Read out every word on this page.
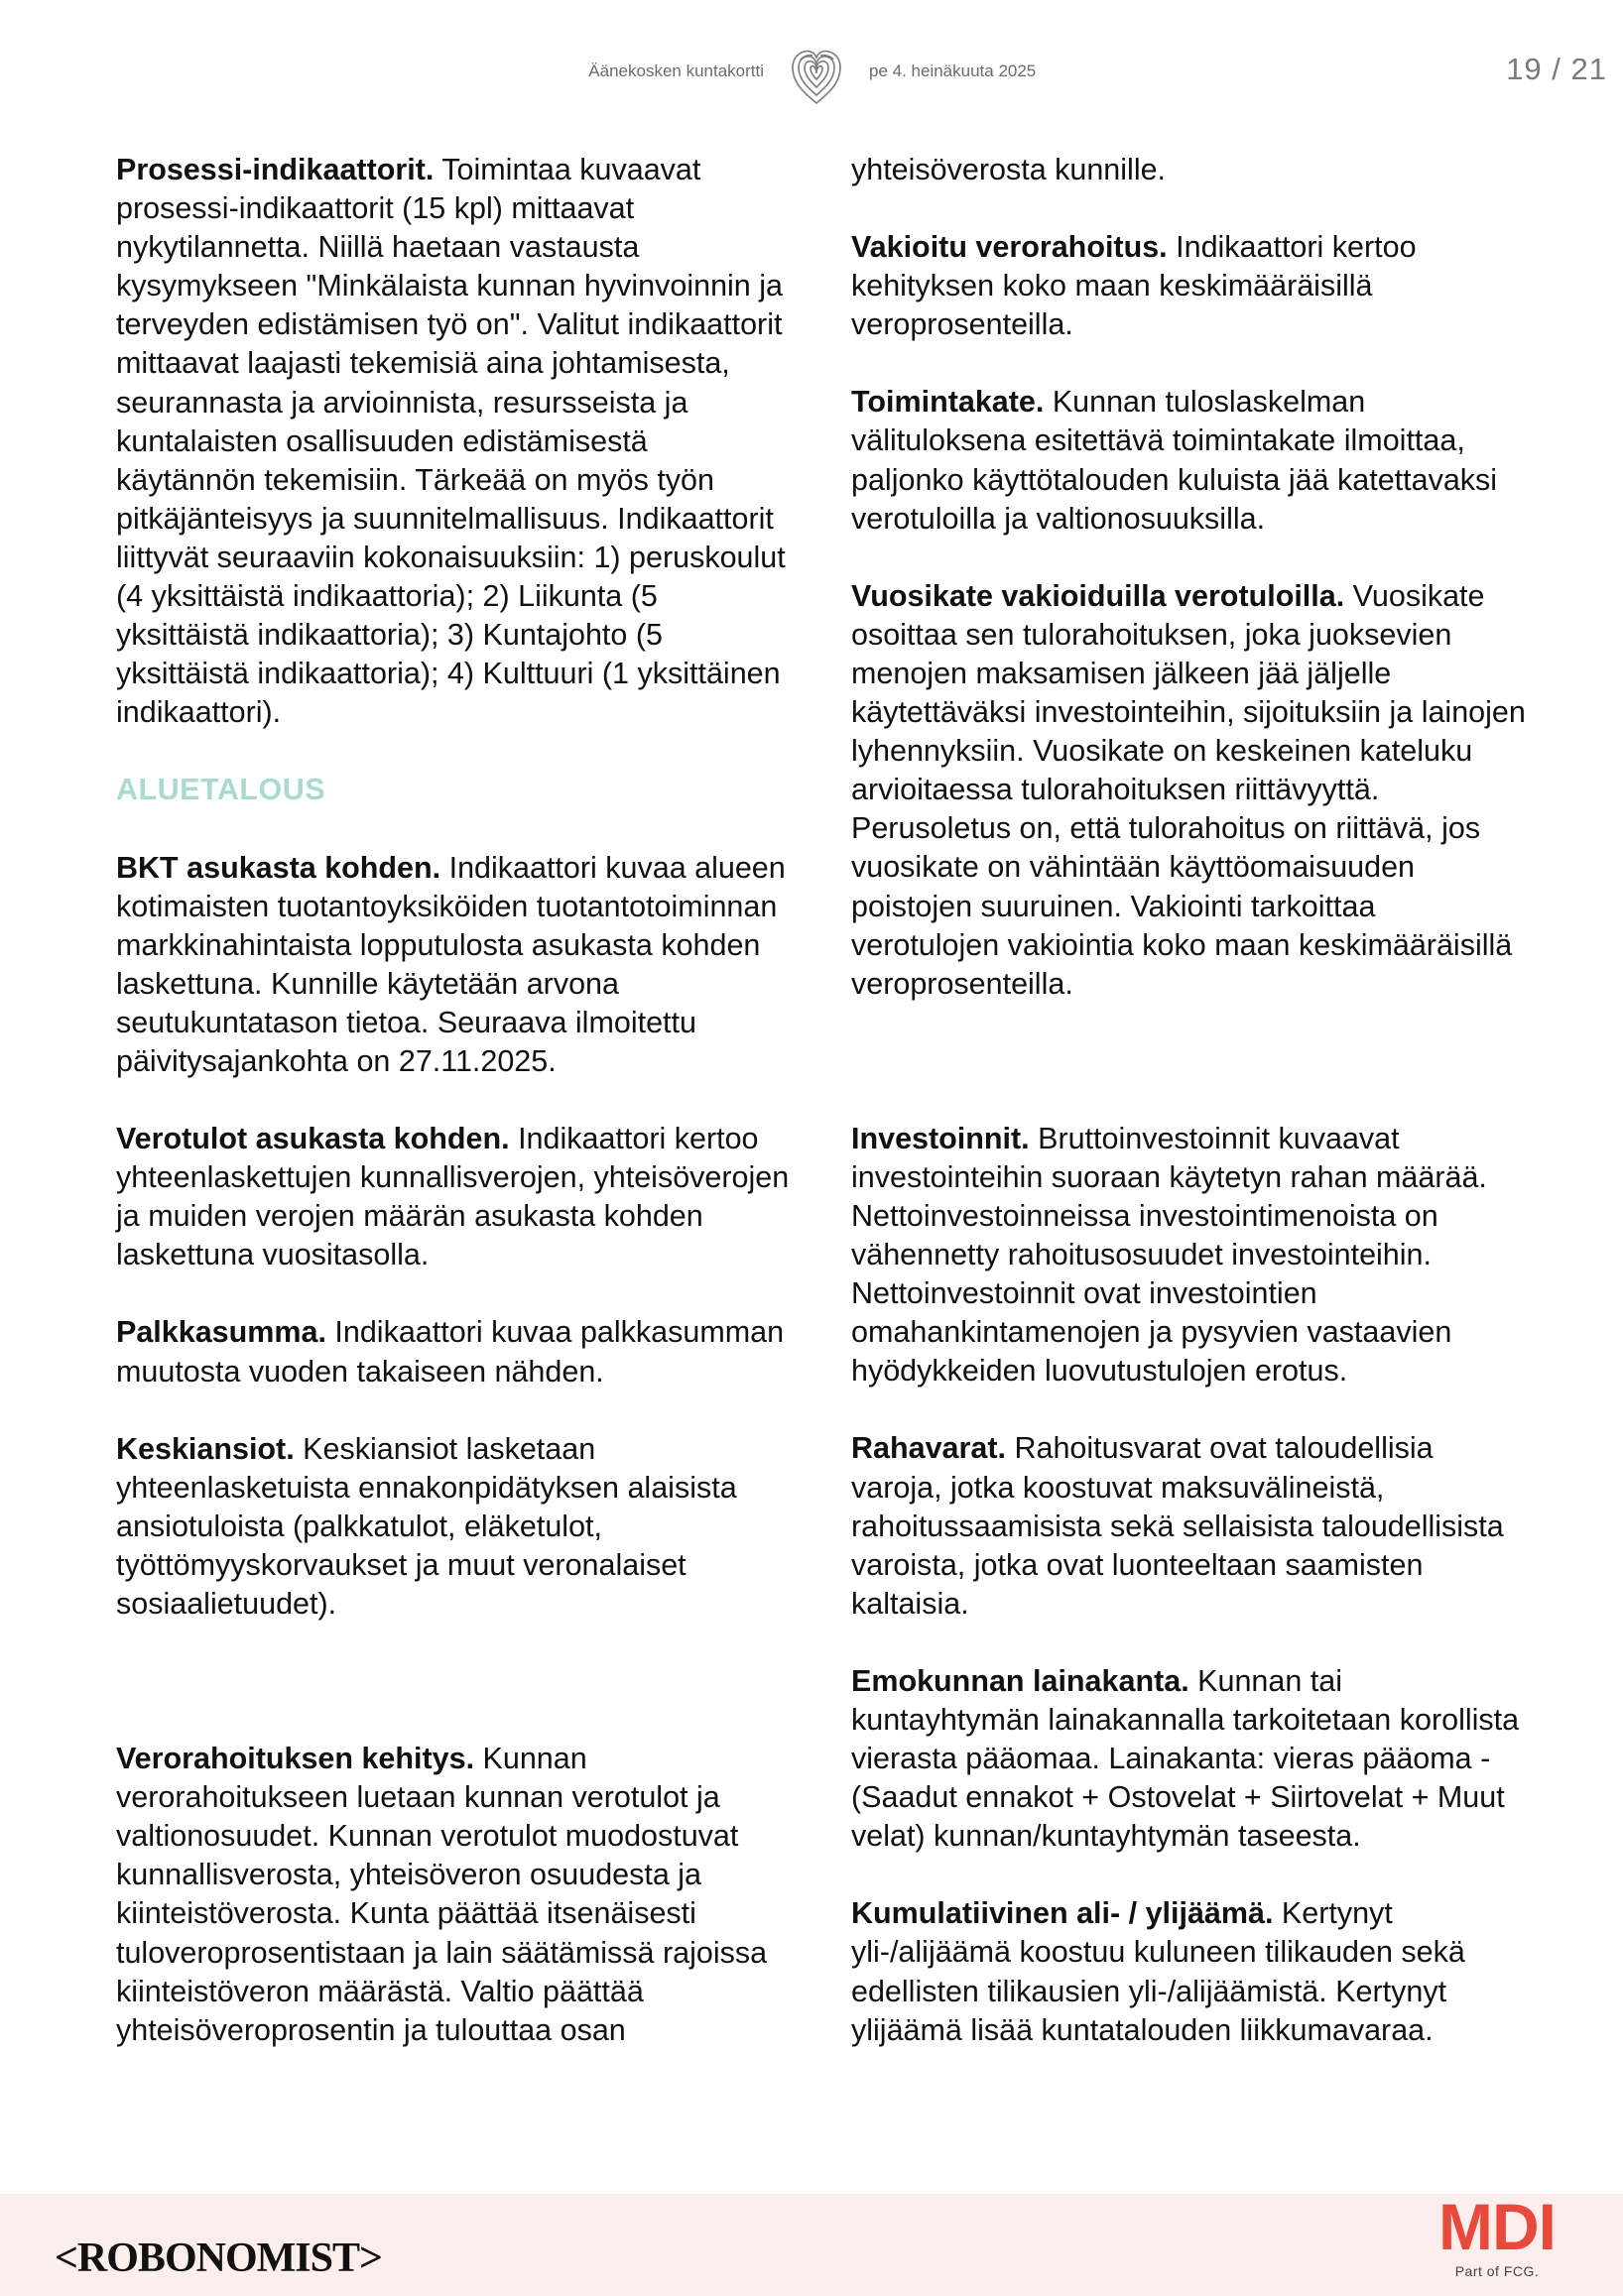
Äänekosken kuntakortti	pe 4. heinäkuuta 2025	19 / 21

Prosessi-indikaattorit. Toimintaa kuvaavat prosessi-indikaattorit (15 kpl) mittaavat nykytilannetta. Niillä haetaan vastausta kysymykseen "Minkälaista kunnan hyvinvoinnin ja terveyden edistämisen työ on". Valitut indikaattorit mittaavat laajasti tekemisiä aina johtamisesta, seurannasta ja arvioinnista, resursseista ja kuntalaisten osallisuuden edistämisestä käytännön tekemisiin. Tärkeää on myös työn pitkäjänteisyys ja suunnitelmallisuus. Indikaattorit liittyvät seuraaviin kokonaisuuksiin: 1) peruskoulut (4 yksittäistä indikaattoria); 2) Liikunta (5 yksittäistä indikaattoria); 3) Kuntajohto (5 yksittäistä indikaattoria); 4) Kulttuuri (1 yksittäinen indikaattori).

ALUETALOUS

BKT asukasta kohden. Indikaattori kuvaa alueen kotimaisten tuotantoyksiköiden tuotantotoiminnan markkinahintaista lopputulosta asukasta kohden laskettuna. Kunnille käytetään arvona seutukuntatason tietoa. Seuraava ilmoitettu päivitysajankohta on 27.11.2025.

Verotulot asukasta kohden. Indikaattori kertoo yhteenlaskettujen kunnallisverojen, yhteisöverojen ja muiden verojen määrän asukasta kohden laskettuna vuositasolla.

Palkkasumma. Indikaattori kuvaa palkkasumman muutosta vuoden takaiseen nähden.

Keskiansiot. Keskiansiot lasketaan yhteenlasketuista ennakonpidätyksen alaisista ansiotuloista (palkkatulot, eläketulot, työttömyyskorvaukset ja muut veronalaiset sosiaalietuudet).

Verorahoituksen kehitys. Kunnan verorahoitukseen luetaan kunnan verotulot ja valtionosuudet. Kunnan verotulot muodostuvat kunnallisverosta, yhteisöveron osuudesta ja kiinteistöverosta. Kunta päättää itsenäisesti tuloveroprosentistaan ja lain säätämissä rajoissa kiinteistöveron määrästä. Valtio päättää yhteisöveroprosentin ja tulouttaa osan

yhteisöverosta kunnille.

Vakioitu verorahoitus. Indikaattori kertoo kehityksen koko maan keskimääräisillä veroprosenteilla.

Toimintakate. Kunnan tuloslaskelman välituloksena esitettävä toimintakate ilmoittaa, paljonko käyttötalouden kuluista jää katettavaksi verotuloilla ja valtionosuuksilla.

Vuosikate vakioiduilla verotuloilla. Vuosikate osoittaa sen tulorahoituksen, joka juoksevien menojen maksamisen jälkeen jää jäljelle käytettäväksi investointeihin, sijoituksiin ja lainojen lyhennyksiin. Vuosikate on keskeinen kateluku arvioitaessa tulorahoituksen riittävyyttä. Perusoletus on, että tulorahoitus on riittävä, jos vuosikate on vähintään käyttöomaisuuden poistojen suuruinen. Vakiointi tarkoittaa verotulojen vakiointia koko maan keskimääräisillä veroprosenteilla.

Investoinnit. Bruttoinvestoinnit kuvaavat investointeihin suoraan käytetyn rahan määrää. Nettoinvestoinneissa investointimenoista on vähennetty rahoitusosuudet investointeihin. Nettoinvestoinnit ovat investointien omahankintamenojen ja pysyvien vastaavien hyödykkeiden luovutustulojen erotus.

Rahavarat. Rahoitusvarat ovat taloudellisia varoja, jotka koostuvat maksuvälineistä, rahoitussaamisista sekä sellaisista taloudellisista varoista, jotka ovat luonteeltaan saamisten kaltaisia.

Emokunnan lainakanta. Kunnan tai kuntayhtymän lainakannalla tarkoitetaan korollista vierasta pääomaa. Lainakanta: vieras pääoma - (Saadut ennakot + Ostovelat + Siirtovelat + Muut velat) kunnan/kuntayhtymän taseesta.

Kumulatiivinen ali- / ylijäämä. Kertynyt yli-/alijäämä koostuu kuluneen tilikauden sekä edellisten tilikausien yli-/alijäämistä. Kertynyt ylijäämä lisää kuntatalouden liikkumavaraa.

<ROBONOMIST>	MDI
Part of FCG.
